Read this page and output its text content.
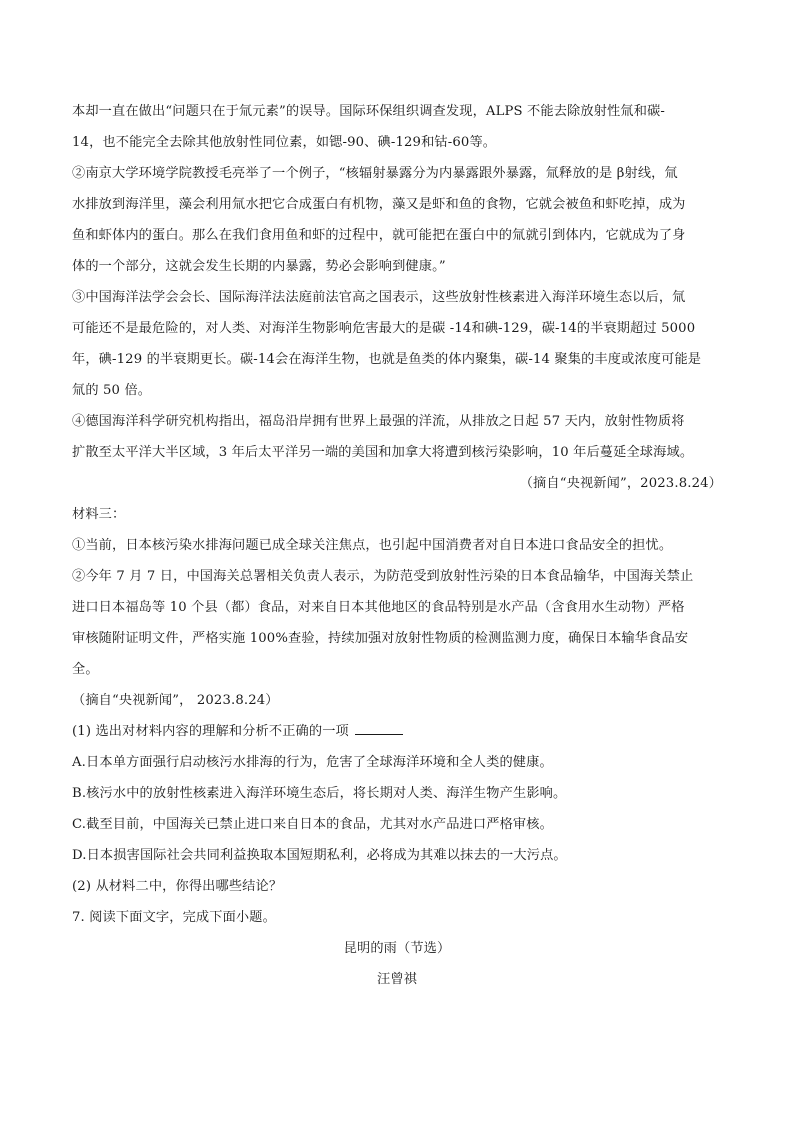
本却一直在做出“问题只在于氚元素”的误导。国际环保组织调查发现，ALPS 不能去除放射性氚和碳-

14，也不能完全去除其他放射性同位素，如锶-90、碘-129和钴-60等。

②南京大学环境学院教授毛亮举了一个例子，“核辐射暴露分为内暴露跟外暴露，氚释放的是 β射线，氚

水排放到海洋里，藻会利用氚水把它合成蛋白有机物，藻又是虾和鱼的食物，它就会被鱼和虾吃掉，成为

鱼和虾体内的蛋白。那么在我们食用鱼和虾的过程中，就可能把在蛋白中的氚就引到体内，它就成为了身

体的一个部分，这就会发生长期的内暴露，势必会影响到健康。”

③中国海洋法学会会长、国际海洋法法庭前法官高之国表示，这些放射性核素进入海洋环境生态以后，氚

可能还不是最危险的，对人类、对海洋生物影响危害最大的是碳 -14和碘-129，碳-14的半衰期超过 5000

年，碘-129 的半衰期更长。碳-14会在海洋生物，也就是鱼类的体内聚集，碳-14 聚集的丰度或浓度可能是

氚的 50 倍。

④德国海洋科学研究机构指出，福岛沿岸拥有世界上最强的洋流，从排放之日起 57 天内，放射性物质将

扩散至太平洋大半区域，3 年后太平洋另一端的美国和加拿大将遭到核污染影响，10 年后蔓延全球海域。

（摘自“央视新闻”，2023.8.24）

材料三：

①当前，日本核污染水排海问题已成全球关注焦点，也引起中国消费者对自日本进口食品安全的担忧。

②今年 7 月 7 日，中国海关总署相关负责人表示，为防范受到放射性污染的日本食品输华，中国海关禁止

进口日本福岛等 10 个县（都）食品，对来自日本其他地区的食品特别是水产品（含食用水生动物）严格

审核随附证明文件，严格实施 100%查验，持续加强对放射性物质的检测监测力度，确保日本输华食品安

全。

（摘自“央视新闻”， 2023.8.24）

(1) 选出对材料内容的理解和分析不正确的一项

A.日本单方面强行启动核污水排海的行为，危害了全球海洋环境和全人类的健康。

B.核污水中的放射性核素进入海洋环境生态后，将长期对人类、海洋生物产生影响。

C.截至目前，中国海关已禁止进口来自日本的食品，尤其对水产品进口严格审核。

D.日本损害国际社会共同利益换取本国短期私利，必将成为其难以抹去的一大污点。

(2) 从材料二中，你得出哪些结论？

7. 阅读下面文字，完成下面小题。

昆明的雨（节选）

汪曾祺
